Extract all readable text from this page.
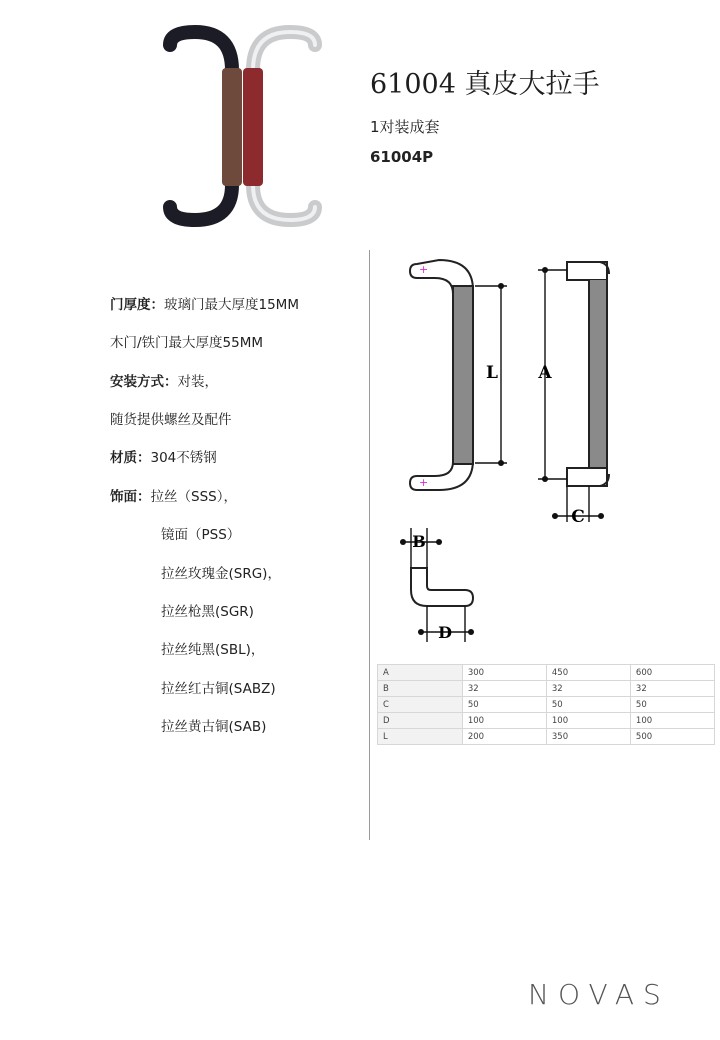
61004 真皮大拉手
1对装成套
61004P
门厚度：玻璃门最大厚度15MM
木门/铁门最大厚度55MM
安装方式：对装，
随货提供螺丝及配件
材质：304不锈钢
饰面：拉丝（SSS），
镜面（PSS）
拉丝玫瑰金(SRG)，
拉丝枪黑(SGR)
拉丝纯黑(SBL)，
拉丝红古铜(SABZ)
拉丝黄古铜(SAB)
+
+
L A
C
B
D
A	300	450	600
B	32	32	32
C	50	50	50
D	100	100	100
L	200	350	500
NOVAS
